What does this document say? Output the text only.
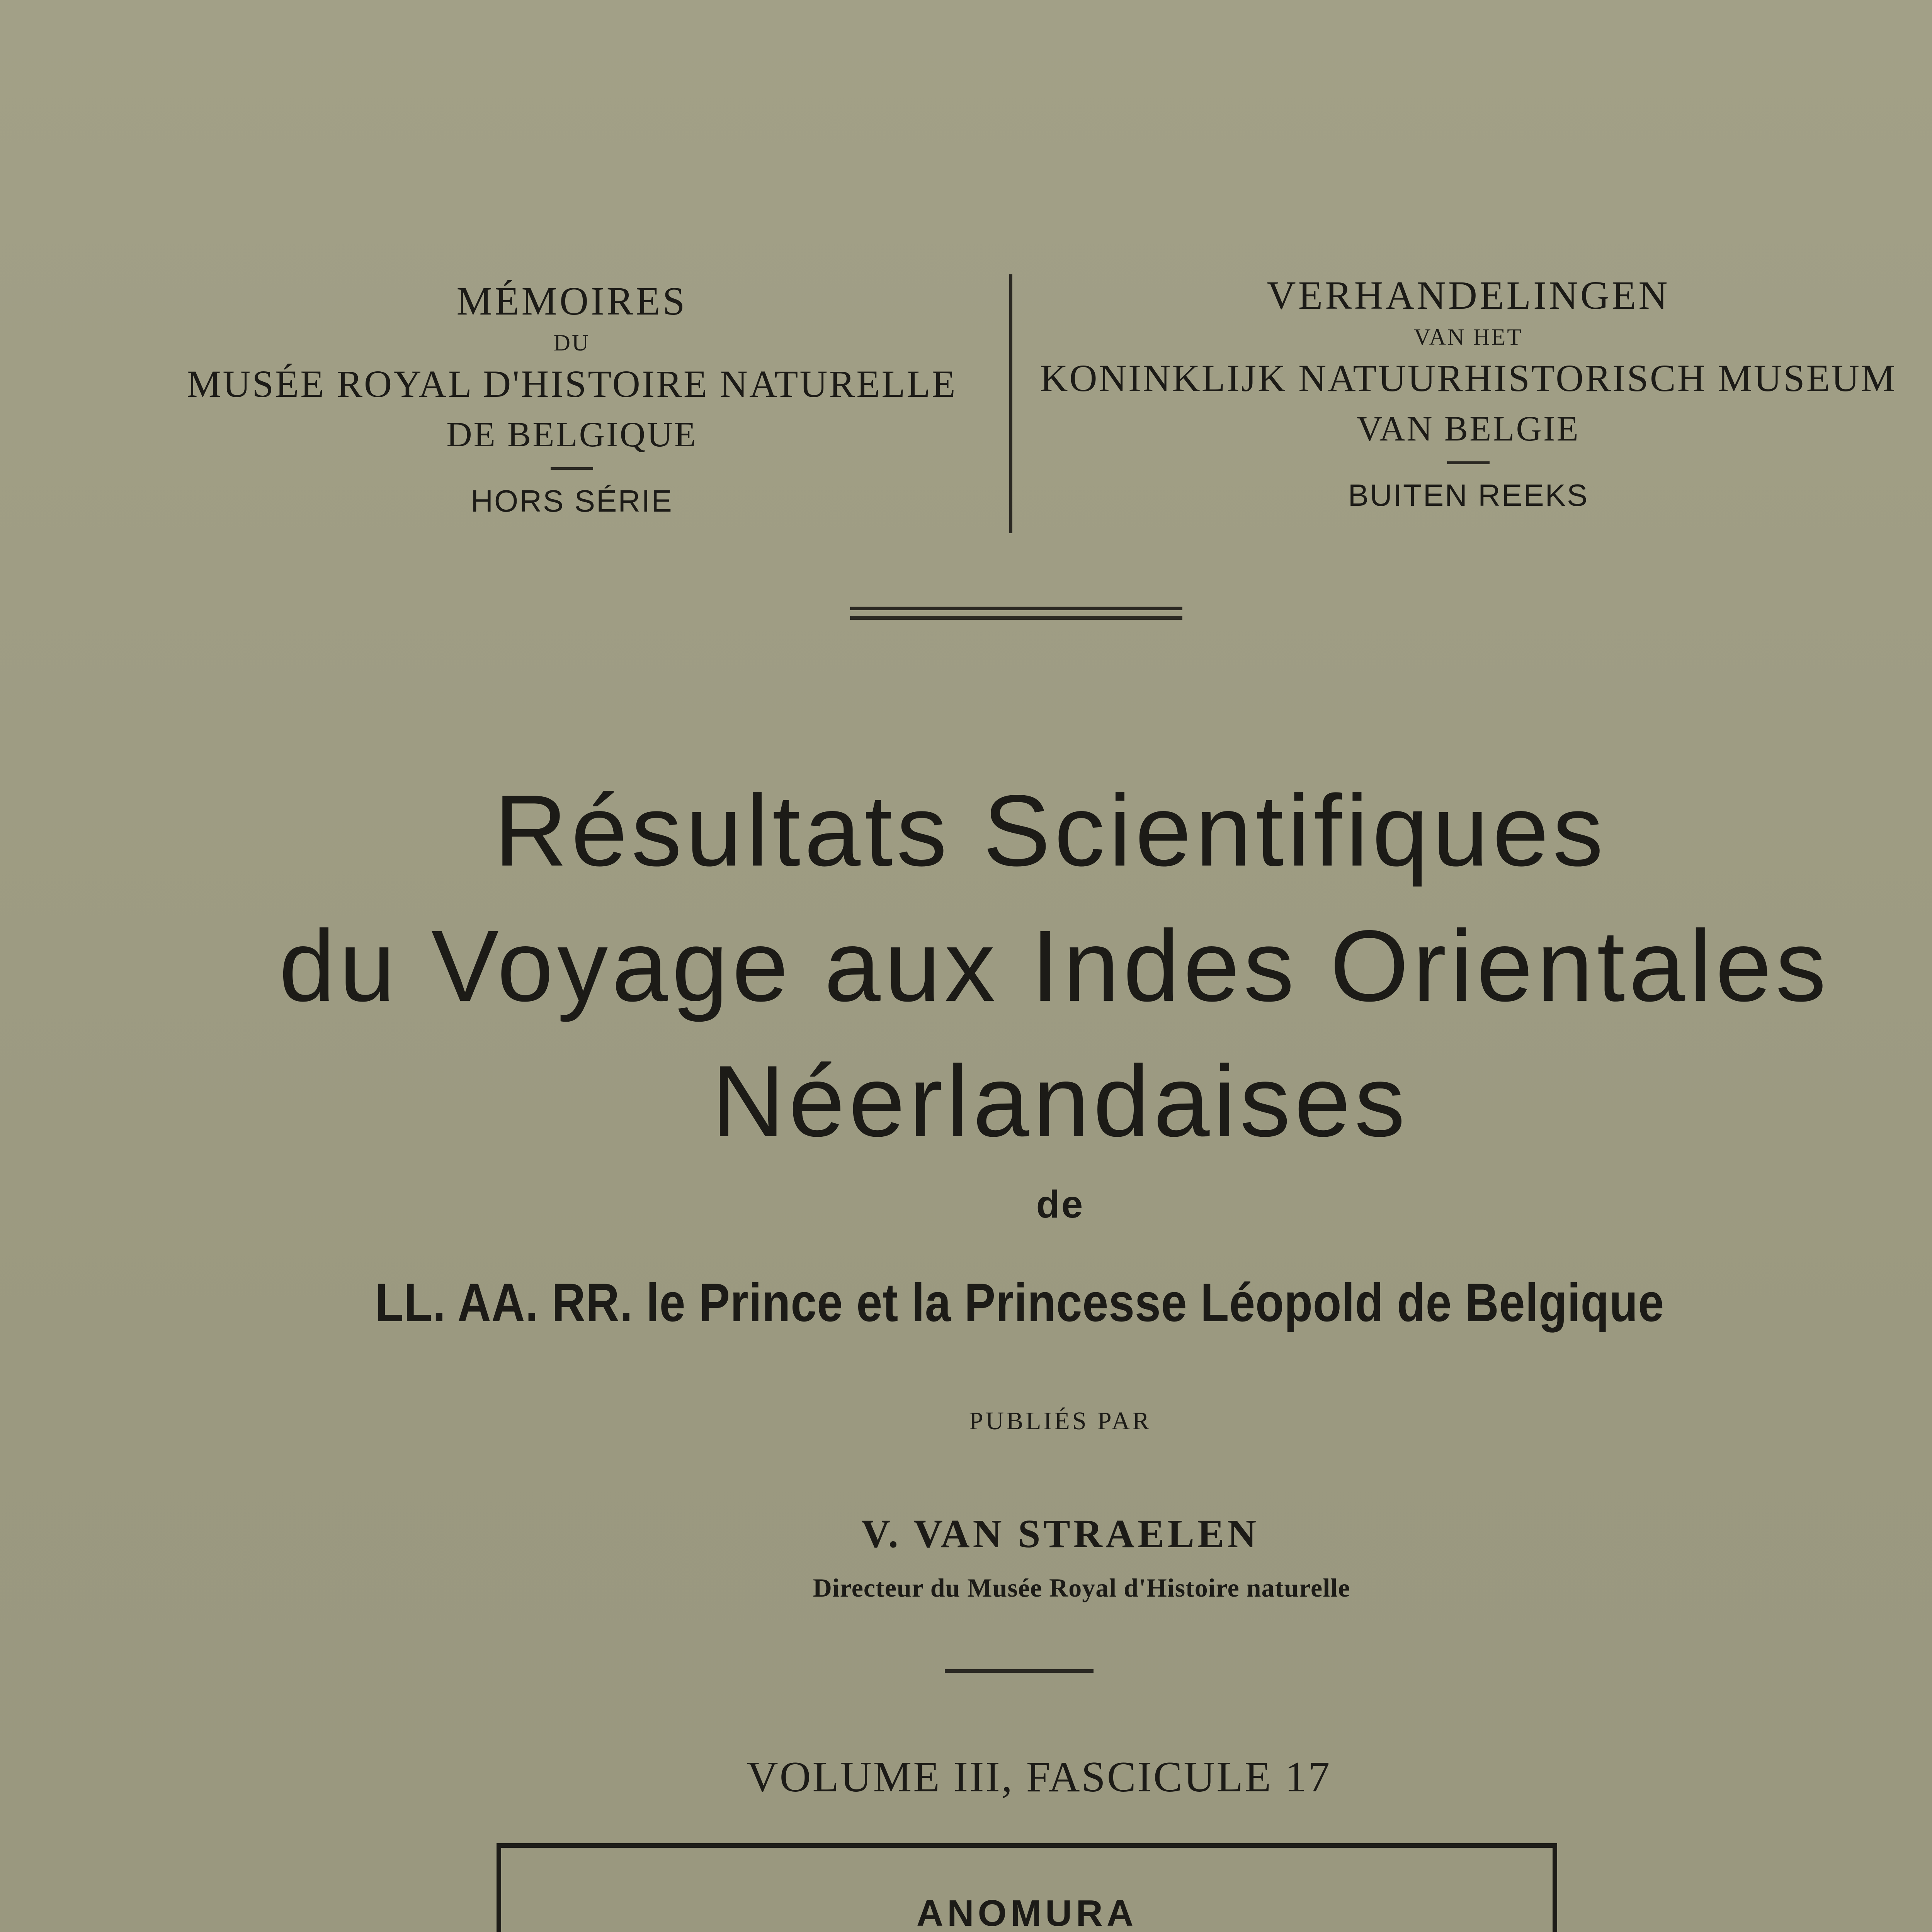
MÉMOIRES
DU
MUSÉE ROYAL D'HISTOIRE NATURELLE
DE BELGIQUE
HORS SÉRIE
VERHANDELINGEN
VAN HET
KONINKLIJK NATUURHISTORISCH MUSEUM
VAN BELGIE
BUITEN REEKS
Résultats Scientifiques
du Voyage aux Indes Orientales
Néerlandaises
de
LL. AA. RR. le Prince et la Princesse Léopold de Belgique
PUBLIÉS PAR
V. VAN STRAELEN
Directeur du Musée Royal d'Histoire naturelle
VOLUME III, FASCICULE 17
ANOMURA
